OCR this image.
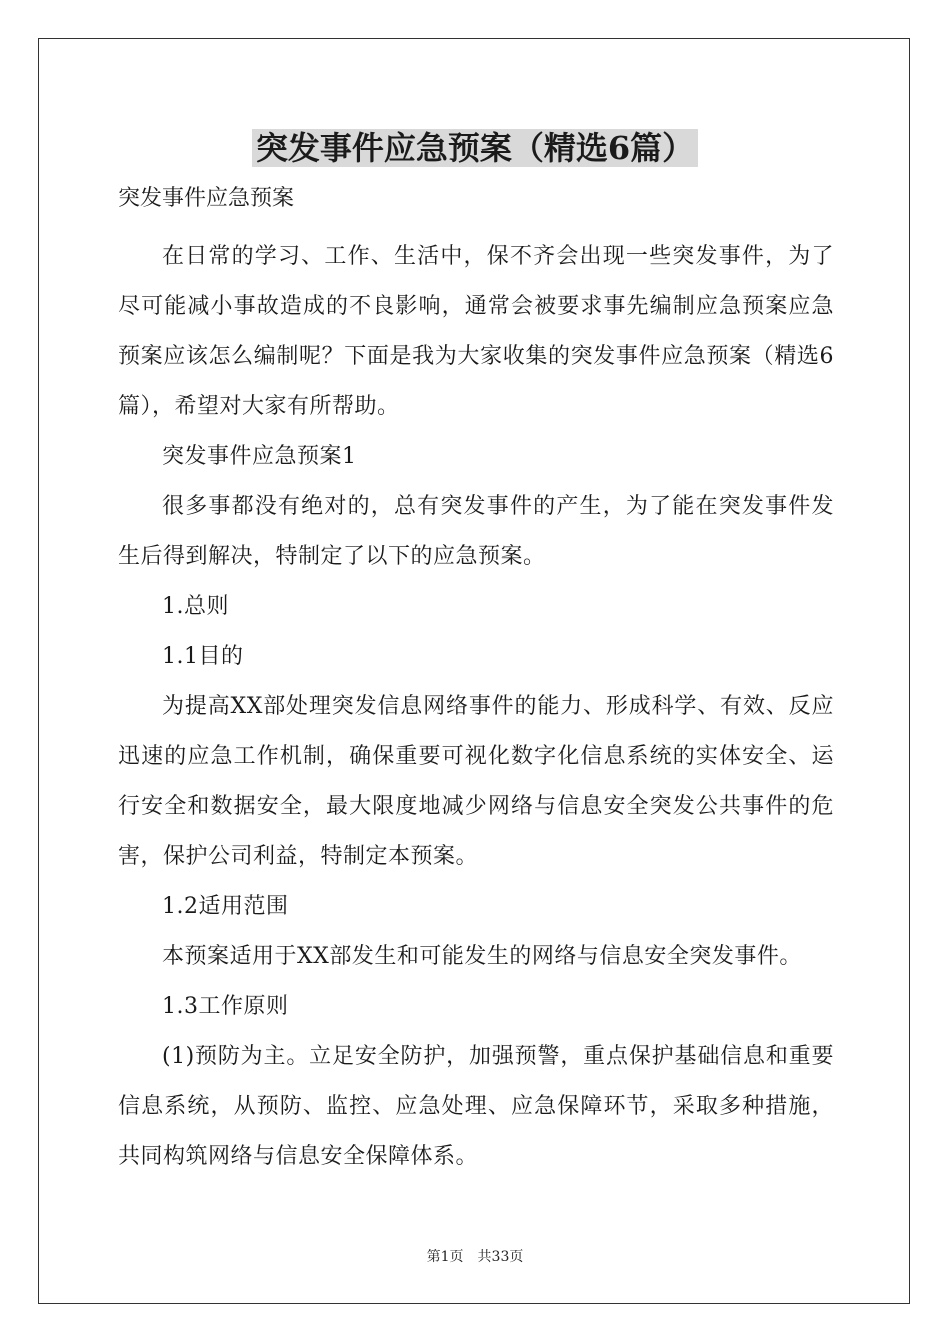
突发事件应急预案（精选6篇）
突发事件应急预案

在日常的学习、工作、生活中，保不齐会出现一些突发事件，为了尽可能减小事故造成的不良影响，通常会被要求事先编制应急预案应急预案应该怎么编制呢？下面是我为大家收集的突发事件应急预案（精选6篇），希望对大家有所帮助。

突发事件应急预案1

很多事都没有绝对的，总有突发事件的产生，为了能在突发事件发生后得到解决，特制定了以下的应急预案。

1.总则

1.1目的

为提高XX部处理突发信息网络事件的能力、形成科学、有效、反应迅速的应急工作机制，确保重要可视化数字化信息系统的实体安全、运行安全和数据安全，最大限度地减少网络与信息安全突发公共事件的危害，保护公司利益，特制定本预案。

1.2适用范围

本预案适用于XX部发生和可能发生的网络与信息安全突发事件。

1.3工作原则

(1)预防为主。立足安全防护，加强预警，重点保护基础信息和重要信息系统，从预防、监控、应急处理、应急保障环节，采取多种措施，共同构筑网络与信息安全保障体系。

第1页　共33页
